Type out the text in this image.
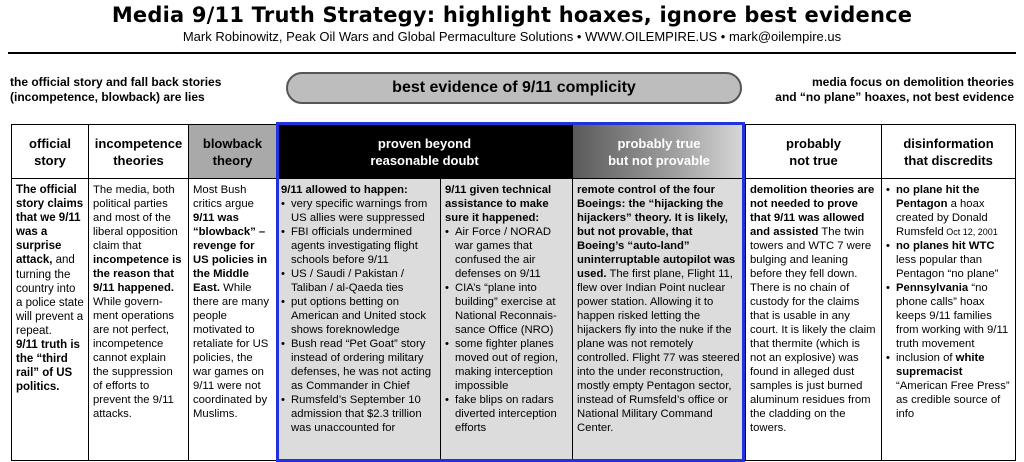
Media 9/11 Truth Strategy: highlight hoaxes, ignore best evidence
Mark Robinowitz, Peak Oil Wars and Global Permaculture Solutions • WWW.OILEMPIRE.US • mark@oilempire.us
the official story and fall back stories
(incompetence, blowback) are lies
best evidence of 9/11 complicity	media focus on demolition theories
and “no plane” hoaxes, not best evidence
official
story
incompetence
theories
blowback
theory
proven beyond
reasonable doubt
probably true
but not provable
probably
not true
disinformation
that discredits
The official story claims that we 9/11 was a surprise attack, and turning the country into a police state will prevent a repeat.
9/11 truth is the “third rail” of US politics.
The media, both political parties and most of the liberal opposition claim that incompetence is the reason that 9/11 happened.
While govern-ment operations are not perfect, incompetence cannot explain the suppression of efforts to prevent the 9/11 attacks.
Most Bush critics argue 9/11 was “blowback” – revenge for US policies in the Middle East. While there are many people motivated to retaliate for US policies, the war games on 9/11 were not coordinated by Muslims.
9/11 allowed to happen:
• very specific warnings from US allies were suppressed
• FBI officials undermined agents investigating flight schools before 9/11
• US / Saudi / Pakistan / Taliban / al-Qaeda ties
• put options betting on American and United stock shows foreknowledge
• Bush read “Pet Goat” story instead of ordering military defenses, he was not acting as Commander in Chief
• Rumsfeld’s September 10 admission that $2.3 trillion was unaccounted for
9/11 given technical assistance to make sure it happened:
• Air Force / NORAD war games that confused the air defenses on 9/11
• CIA’s “plane into building” exercise at National Reconnais-sance Office (NRO)
• some fighter planes moved out of region, making interception impossible
• fake blips on radars diverted interception efforts
remote control of the four Boeings: the “hijacking the hijackers” theory. It is likely, but not provable, that Boeing’s “auto-land” uninterruptable autopilot was used. The first plane, Flight 11, flew over Indian Point nuclear power station. Allowing it to happen risked letting the hijackers fly into the nuke if the plane was not remotely controlled. Flight 77 was steered into the under reconstruction, mostly empty Pentagon sector, instead of Rumsfeld’s office or National Military Command Center.
demolition theories are not needed to prove that 9/11 was allowed and assisted The twin towers and WTC 7 were bulging and leaning before they fell down. There is no chain of custody for the claims that is usable in any court. It is likely the claim that thermite (which is not an explosive) was found in alleged dust samples is just burned aluminum residues from the cladding on the towers.
• no plane hit the Pentagon a hoax created by Donald Rumsfeld Oct 12, 2001
• no planes hit WTC less popular than Pentagon “no plane”
• Pennsylvania “no phone calls” hoax keeps 9/11 families from working with 9/11 truth movement
• inclusion of white supremacist “American Free Press” as credible source of info
